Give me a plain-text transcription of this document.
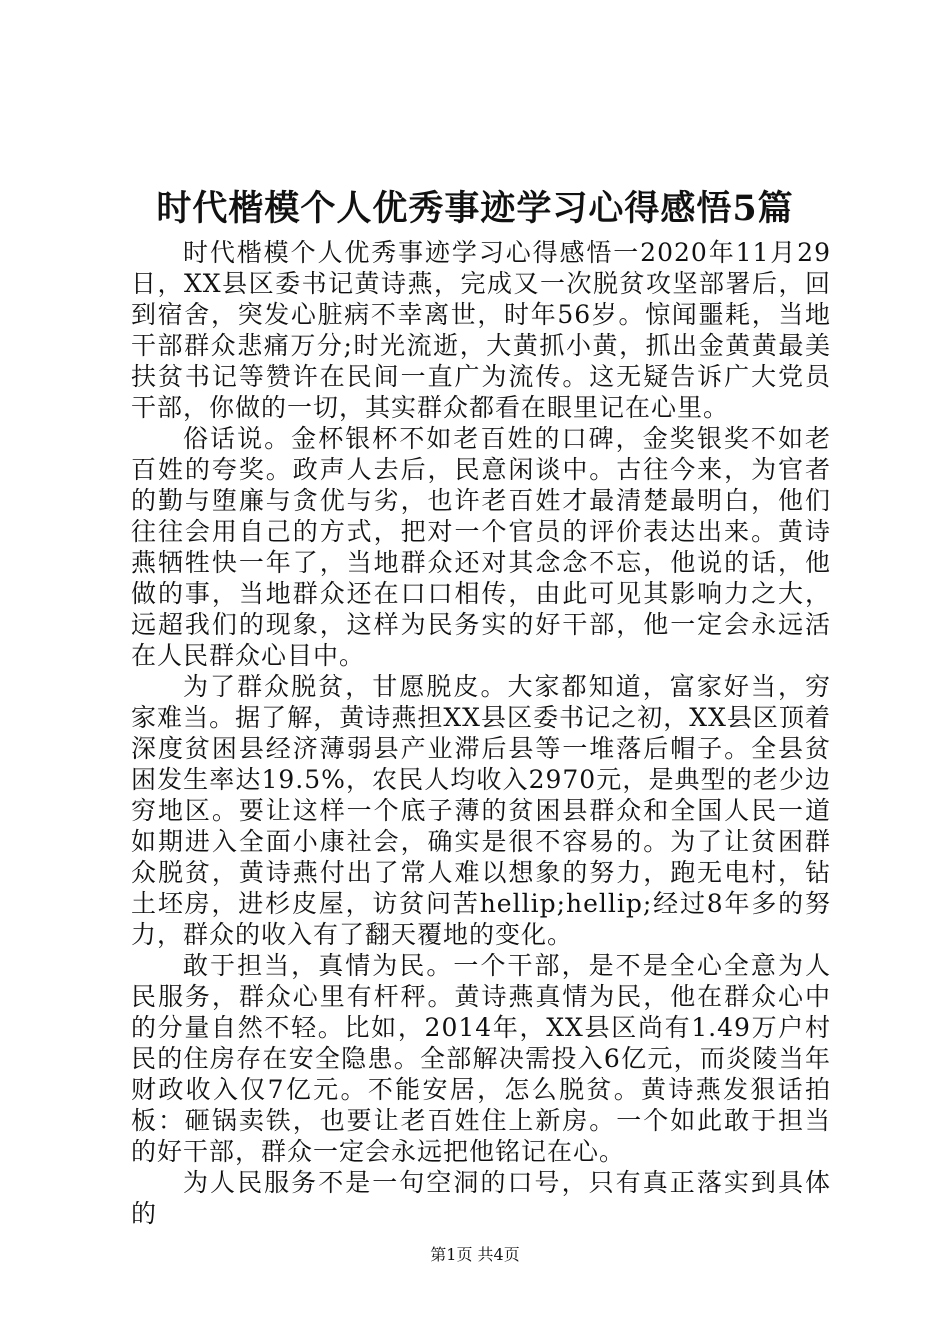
时代楷模个人优秀事迹学习心得感悟5篇

时代楷模个人优秀事迹学习心得感悟一2020年11月29日，XX县区委书记黄诗燕，完成又一次脱贫攻坚部署后，回到宿舍，突发心脏病不幸离世，时年56岁。惊闻噩耗，当地干部群众悲痛万分;时光流逝，大黄抓小黄，抓出金黄黄最美扶贫书记等赞许在民间一直广为流传。这无疑告诉广大党员干部，你做的一切，其实群众都看在眼里记在心里。

俗话说。金杯银杯不如老百姓的口碑，金奖银奖不如老百姓的夸奖。政声人去后，民意闲谈中。古往今来，为官者的勤与堕廉与贪优与劣，也许老百姓才最清楚最明白，他们往往会用自己的方式，把对一个官员的评价表达出来。黄诗燕牺牲快一年了，当地群众还对其念念不忘，他说的话，他做的事，当地群众还在口口相传，由此可见其影响力之大，远超我们的现象，这样为民务实的好干部，他一定会永远活在人民群众心目中。

为了群众脱贫，甘愿脱皮。大家都知道，富家好当，穷家难当。据了解，黄诗燕担XX县区委书记之初，XX县区顶着深度贫困县经济薄弱县产业滞后县等一堆落后帽子。全县贫困发生率达19.5%，农民人均收入2970元，是典型的老少边穷地区。要让这样一个底子薄的贫困县群众和全国人民一道如期进入全面小康社会，确实是很不容易的。为了让贫困群众脱贫，黄诗燕付出了常人难以想象的努力，跑无电村，钻土坯房，进杉皮屋，访贫问苦hellip;hellip;经过8年多的努力，群众的收入有了翻天覆地的变化。

敢于担当，真情为民。一个干部，是不是全心全意为人民服务，群众心里有杆秤。黄诗燕真情为民，他在群众心中的分量自然不轻。比如，2014年，XX县区尚有1.49万户村民的住房存在安全隐患。全部解决需投入6亿元，而炎陵当年财政收入仅7亿元。不能安居，怎么脱贫。黄诗燕发狠话拍板：砸锅卖铁，也要让老百姓住上新房。一个如此敢于担当的好干部，群众一定会永远把他铭记在心。

为人民服务不是一句空洞的口号，只有真正落实到具体的

第1页 共4页
